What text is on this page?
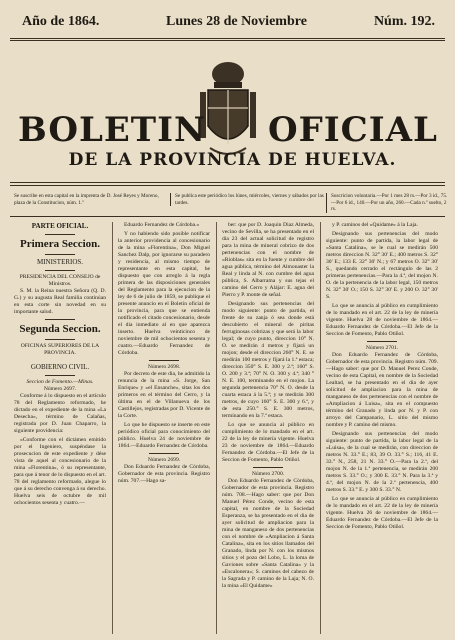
Año de 1864.	Lunes 28 de Noviembre	Núm. 192.
BOLETIN OFICIAL
DE LA PROVINCIA DE HUELVA.
Se suscribe en esta capital en la imprenta de D. José Reyes y Moreno, plaza de la Constitucion, núm. 1.º
Se publica este periódico los lúnes, miércoles, viernes y sábados por las tardes.
Suscricion voluntaria.—Por 1 mes 28 rs.—Por 3 id., 75.—Por 6 id., 140.—Por un año, 260.—Cada n.º suelto, 2 rs.
PARTE OFICIAL.
Primera Seccion.
MINISTERIOS.
PRESIDENCIA DEL CONSEJO de Ministros.

S. M. la Reina nuestra Señora (Q. D. G.) y su augusta Real familia continúan en esta corte sin novedad en su importante salud.

Segunda Seccion.
OFICINAS SUPERIORES DE LA PROVINCIA.
GOBIERNO CIVIL.
Seccion de Fomento.—Minas.
Número 2697.

Conforme á lo dispuesto en el artículo 78 del Reglamento reformado, he dictado en el expediente de la mina «La Desecha», término de Calañas, registrada por D. Juan Chaparro, la siguiente providencia:

«Conforme con el dictámen emitido por el Ingeniero, suspéndase la prosecucion de este expediente y dése vista de aquel al concesionario de la mina «Florentina», ó su representante, para que á tenor de lo dispuesto en el art. 78 del reglamento reformado, alegue lo que á su derecho convenga á su derecho. Huelva seis de octubre de mil ochocientos sesenta y cuatro.—

Eduardo Fernandez de Córdoba.»

Y no habiendo sido posible notificar la anterior providencia al concesionario de la mina «Florentina», Don Miguel Sanchez Dalp, por ignorarse su paradero y residencia, al mismo tiempo de representante en esta capital, he dispuesto que con arreglo á la regla primera de las disposiciones generales del Reglamento para la ejecucion de la ley de 6 de julio de 1859, se publique el presente anuncio en el Boletin oficial de la provincia, para que se entienda notificado el citado concesionario, desde el dia inmediato al en que aparezca inserto. Huelva veinticinco de noviembre de mil ochocientos sesenta y cuatro.—Eduardo Fernandez de Córdoba.

Número 2698.

Por decreto de este dia, he admitido la renuncia de la mina «S. Jorge, San Enrique» y «el Ensanche», sitas los dos primeros en el término del Cerro, y la última en el de Villanueva de los Castillejos, registradas por D. Vicente de la Corte.

Lo que he dispuesto se inserte en este periódico oficial para conocimiento del público. Huelva 24 de noviembre de 1864.—Eduardo Fernandez de Córdoba.

Número 2699.

Don Eduardo Fernandez de Córdoba, Gobernador de esta provincia. Registro núm. 707.—Hago sa-

ber: que por D. Joaquin Diaz Almeda, vecino de Sevilla, se ha presentado en el dia 23 del actual solicitud de registro para la mina de mineral cobrizo de dos pertenencias con el nombre de «Rioblas» sita en la fuente y cumbre del agua pública, término del Almonaster la Real y linda al N. con cumbre del agua pública, S. Albarrama y sus tejas el camino del Cerro y Alájar: E. agua del Pierro y P. monte de señal.

Designando sus pertenencias del modo siguiente: punto de partida, el frente de su zanja ó sea donde está descubierto el mineral de piritas ferruginosas cobrizas y que será la labor legal; de cuyo punto, direccion 10° N. O. se medirán 4 metros y fijará un mojon; desde el direccion 260° N. E. se medirán 100 metros y fijará la 1.ª estaca; direccion 350° S. E. 300 y 2.ª; 160° S. O. 200 y 3.ª; 70° N. O. 300 y 4.ª; 340 ° N. E. 100, terminando en el mojon. La segunda pertenencia 70° N. O. desde la cuarta estaca á la 5.ª; y se medirán 300 metros, de cuyo 160° S. E. 300 y 6.ª, y de esta 250.° S. E. 300 metros, terminando en la 7.ª estaca.

Lo que se anuncia al público en cumplimiento de lo mandado en el art. 22 de la ley de minería vigente. Huelva 23 de noviembre de 1864.—Eduardo Fernandez de Córdoba.—El Jefe de la Seccion de Fomento, Pablo Otiñol.

Número 2700.

Don Eduardo Fernandez de Córdoba, Gobernador de esta provincia. Registro núm. 708.—Hago saber: que por Don Manuel Pérez Conde, vecino de esta capital, en nombre de la Sociedad Esperanza, se ha presentado en el dia de ayer solicitud de ampliacion para la mina de manganeso de dos pertenencias con el nombre de «Ampliacion á Santa Catalina», sita en los sitios llamados del Granado, linda por N. con los mismos sitios y el pozo del Lobo, L. la loma de Gaviones sobre «Santa Catalina» y la «Escalonera»; S. caminos del cabezo de la Sagrada y P. camino de la Laja; N. O. la mina «El Quidame»

y P. caminos del «Quidame» á la Laja.

Designando sus pertenencias del modo siguiente: punto de partida, la labor legal de «Santa Catalina», se le cual se medirán 500 metros direccion N. 32° 30' E.; 400 metros S. 32° 30' E.; 133 E. 32° 30' N.; y 67 metros O. 32° 30' S., quedando cerrado el rectángulo de las 2 primeras pertenencias.—Para la 4.ª, del mojon N. O. de la pertenencia de la labor legal, 150 metros N. 32° 30' O.; 150 S. 32° 30' E. y 200 O. 32° 30' S.

Lo que se anuncia al público en cumplimiento de lo mandado en el art. 22 de la ley de minería vigente. Huelva 28 de noviembre de 1864.—Eduardo Fernandez de Córdoba.—El Jefe de la Seccion de Fomento, Pablo Otiñol.

Número 2701.

Don Eduardo Fernandez de Córdoba, Gobernador de esta provincia. Registro núm. 709.—Hago saber: que por D. Manuel Perez Conde, vecino de esta Capital, en nombre de la Sociedad Lealtad, se ha presentado en el dia de ayer solicitud de ampliacion para la mina de manganeso de dos pertenencias con el nombre de «Ampliacion á Luisa», sita en el compuesto término del Granado y linda por N. y P. con arroyo del Campanario, L. sitio del mismo nombre y P. camino del mismo.

Designando sus pertenencias del modo siguiente: punto de partida, la labor legal de la «Luisa», de la cual se medirán, con direccion de metros N. 33.° E.; 83, 39 O. 33.° S.; 116, 41 E. 33.° N., 258, 21 N. 33.° O.—Para la 2.ª, del mojon N. de la 1.ª pertenencia, se medirán 200 metros S. 33.° O.; y 300 E. 33.° N. Para la 3.ª y 4.ª, del mojon N. de la 2.ª pertenencia, 400 metros S. 33.° E. y 300 S. 33.° N.

Lo que se anuncia al público en cumplimiento de lo mandado en el art. 22 de la ley de minería vigente. Huelva 26 de noviembre de 1864.—Eduardo Fernandez de Córdoba.—El Jefe de la Seccion de Fomento, Pablo Otiñol.
